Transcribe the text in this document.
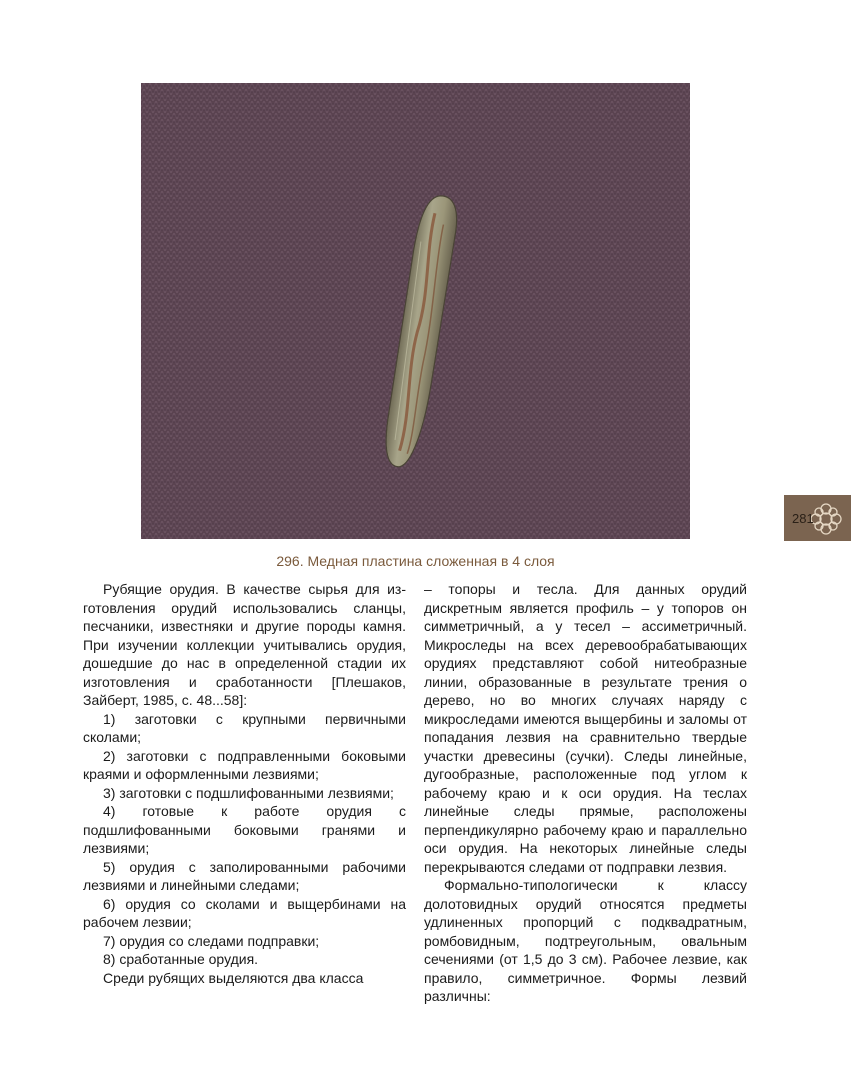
296. Медная пластина сложенная в 4 слоя

281

Рубящие орудия. В качестве сырья для из-готовления орудий использовались сланцы, песчаники, известняки и другие породы камня. При изучении коллекции учитывались орудия, дошедшие до нас в определенной стадии их изготовления и сработанности [Плешаков, Зайберт, 1985, с. 48...58]:

1) заготовки с крупными первичными сколами;

2) заготовки с подправленными боковыми краями и оформленными лезвиями;

3) заготовки с подшлифованными лезвиями;

4) готовые к работе орудия с подшлифованными боковыми гранями и лезвиями;

5) орудия с заполированными рабочими лезвиями и линейными следами;

6) орудия со сколами и выщербинами на рабочем лезвии;

7) орудия со следами подправки;

8) сработанные орудия.

Среди рубящих выделяются два класса

– топоры и тесла. Для данных орудий дискретным является профиль – у топоров он симметричный, а у тесел – ассиметричный. Микроследы на всех деревообрабатывающих орудиях представляют собой нитеобразные линии, образованные в результате трения о дерево, но во многих случаях наряду с микроследами имеются выщербины и заломы от попадания лезвия на сравнительно твердые участки древесины (сучки). Следы линейные, дугообразные, расположенные под углом к рабочему краю и к оси орудия. На теслах линейные следы прямые, расположены перпендикулярно рабочему краю и параллельно оси орудия. На некоторых линейные следы перекрываются следами от подправки лезвия.

Формально-типологически к классу долотовидных орудий относятся предметы удлиненных пропорций с подквадратным, ромбовидным, подтреугольным, овальным сечениями (от 1,5 до 3 см). Рабочее лезвие, как правило, симметричное. Формы лезвий различны:
